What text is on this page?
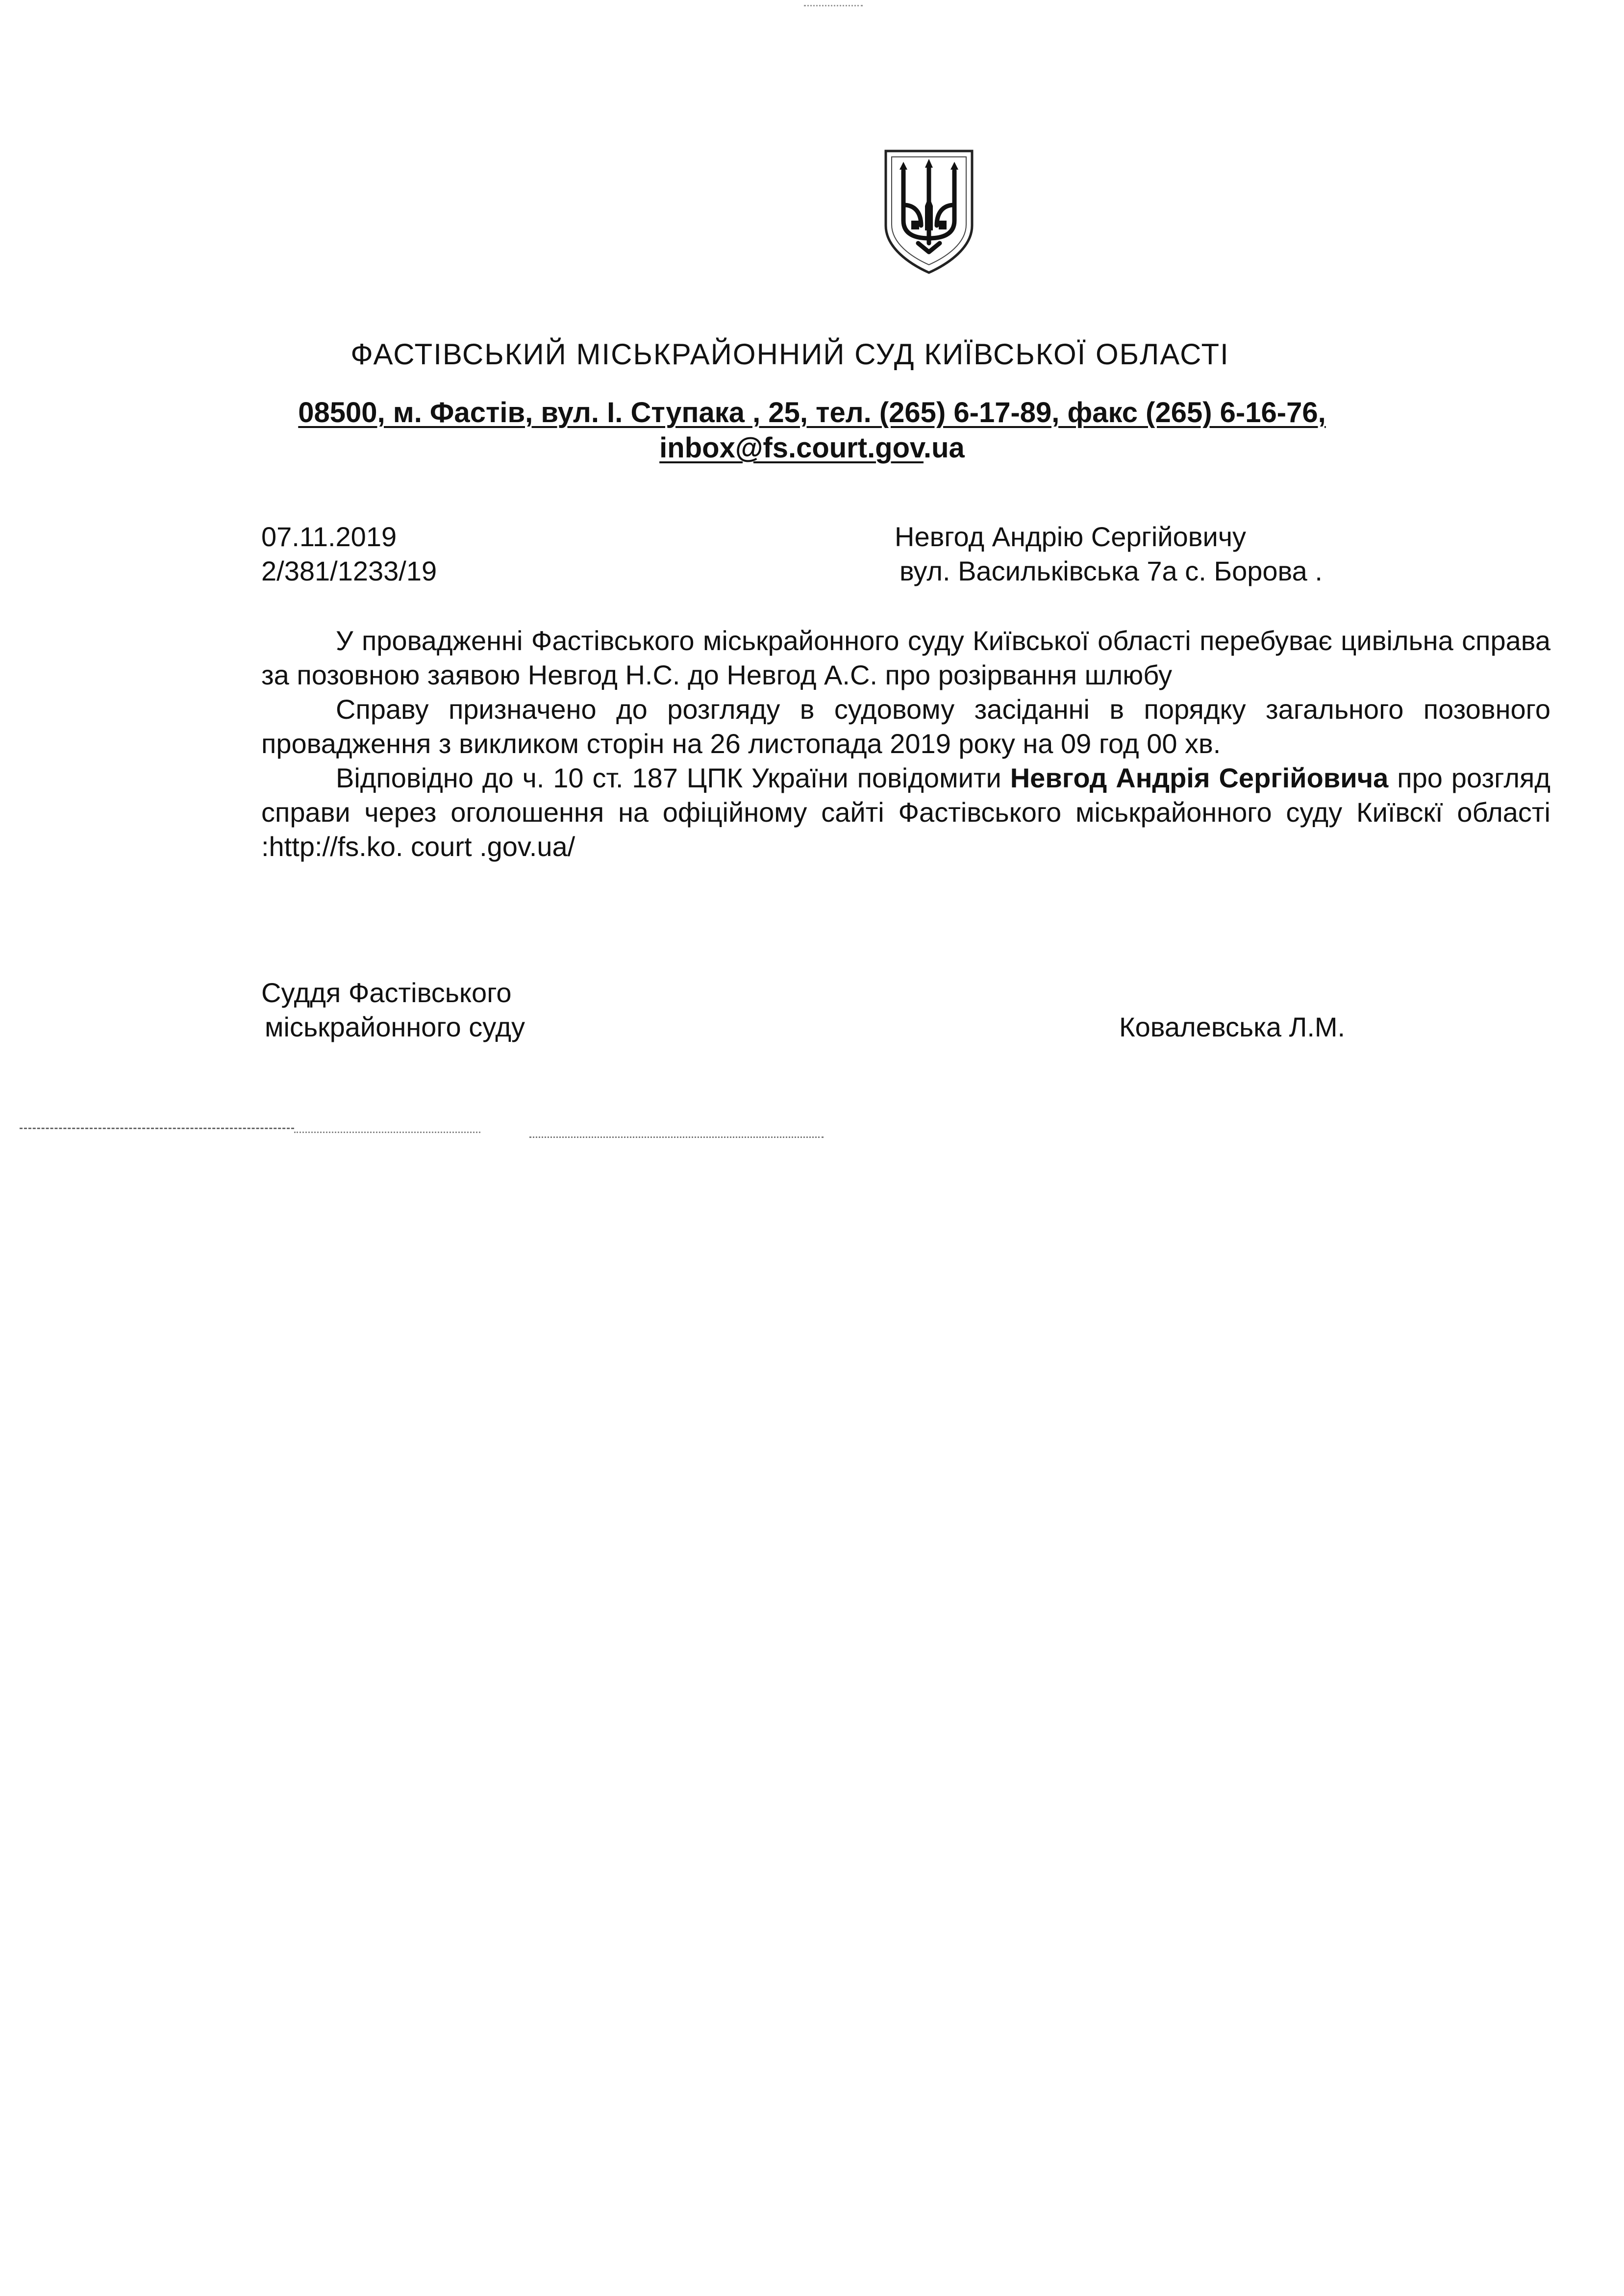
ФАСТІВСЬКИЙ МІСЬКРАЙОННИЙ СУД КИЇВСЬКОЇ ОБЛАСТІ
08500, м. Фастів, вул. І. Ступака , 25, тел. (265) 6-17-89, факс (265) 6-16-76,
inbox@fs.court.gov.ua
07.11.2019
2/381/1233/19
Невгод Андрію Сергійовичу
вул. Васильківська 7а с. Борова .

У провадженні Фастівського міськрайонного суду Київської області перебуває цивільна справа за позовною заявою Невгод Н.С. до Невгод А.С. про розірвання шлюбу

Справу призначено до розгляду в судовому засіданні в порядку загального позовного провадження з викликом сторін на 26 листопада 2019 року на 09 год 00 хв.

Відповідно до ч. 10 ст. 187 ЦПК України повідомити Невгод Андрія Сергійовича про розгляд справи через оголошення на офіційному сайті Фастівського міськрайонного суду Київскї області :http://fs.ko. court .gov.ua/

Суддя Фастівського
міськрайонного суду	Ковалевська Л.М.
